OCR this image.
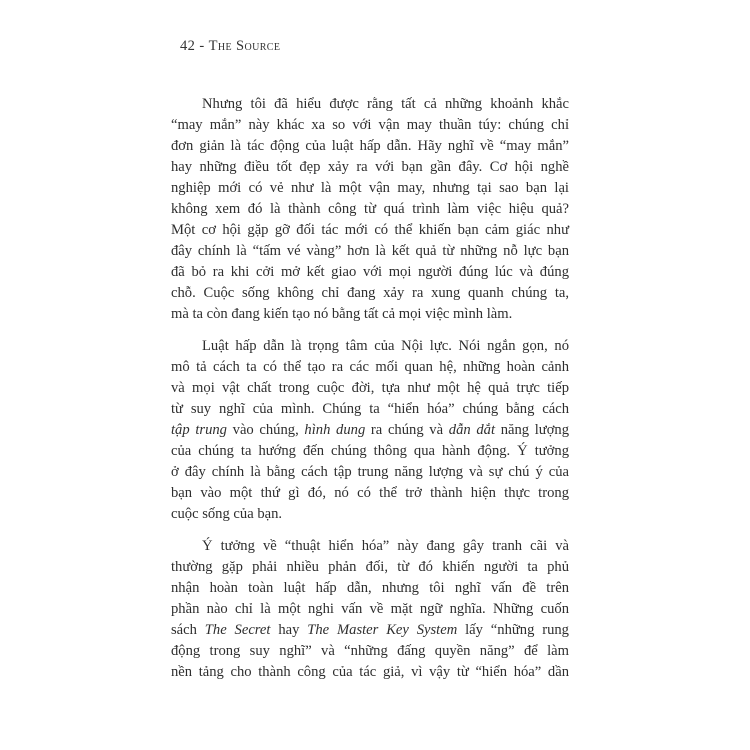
42 - The Source
Nhưng tôi đã hiểu được rằng tất cả những khoảnh khắc
“may mắn” này khác xa so với vận may thuần túy: chúng chỉ
đơn giản là tác động của luật hấp dẫn. Hãy nghĩ về “may mắn”
hay những điều tốt đẹp xảy ra với bạn gần đây. Cơ hội nghề
nghiệp mới có vẻ như là một vận may, nhưng tại sao bạn lại
không xem đó là thành công từ quá trình làm việc hiệu quả?
Một cơ hội gặp gỡ đối tác mới có thể khiến bạn cảm giác như
đây chính là “tấm vé vàng” hơn là kết quả từ những nỗ lực bạn
đã bỏ ra khi cởi mở kết giao với mọi người đúng lúc và đúng
chỗ. Cuộc sống không chỉ đang xảy ra xung quanh chúng ta,
mà ta còn đang kiến tạo nó bằng tất cả mọi việc mình làm.
Luật hấp dẫn là trọng tâm của Nội lực. Nói ngắn gọn, nó
mô tả cách ta có thể tạo ra các mối quan hệ, những hoàn cảnh
và mọi vật chất trong cuộc đời, tựa như một hệ quả trực tiếp
từ suy nghĩ của mình. Chúng ta “hiển hóa” chúng bằng cách
tập trung vào chúng, hình dung ra chúng và dẫn dắt năng lượng
của chúng ta hướng đến chúng thông qua hành động. Ý tưởng
ở đây chính là bằng cách tập trung năng lượng và sự chú ý của
bạn vào một thứ gì đó, nó có thể trở thành hiện thực trong
cuộc sống của bạn.
Ý tưởng về “thuật hiển hóa” này đang gây tranh cãi và
thường gặp phải nhiều phản đối, từ đó khiến người ta phủ
nhận hoàn toàn luật hấp dẫn, nhưng tôi nghĩ vấn đề trên
phần nào chỉ là một nghi vấn về mặt ngữ nghĩa. Những cuốn
sách The Secret hay The Master Key System lấy “những rung
động trong suy nghĩ” và “những đấng quyền năng” để làm
nền tảng cho thành công của tác giả, vì vậy từ “hiển hóa” dần
